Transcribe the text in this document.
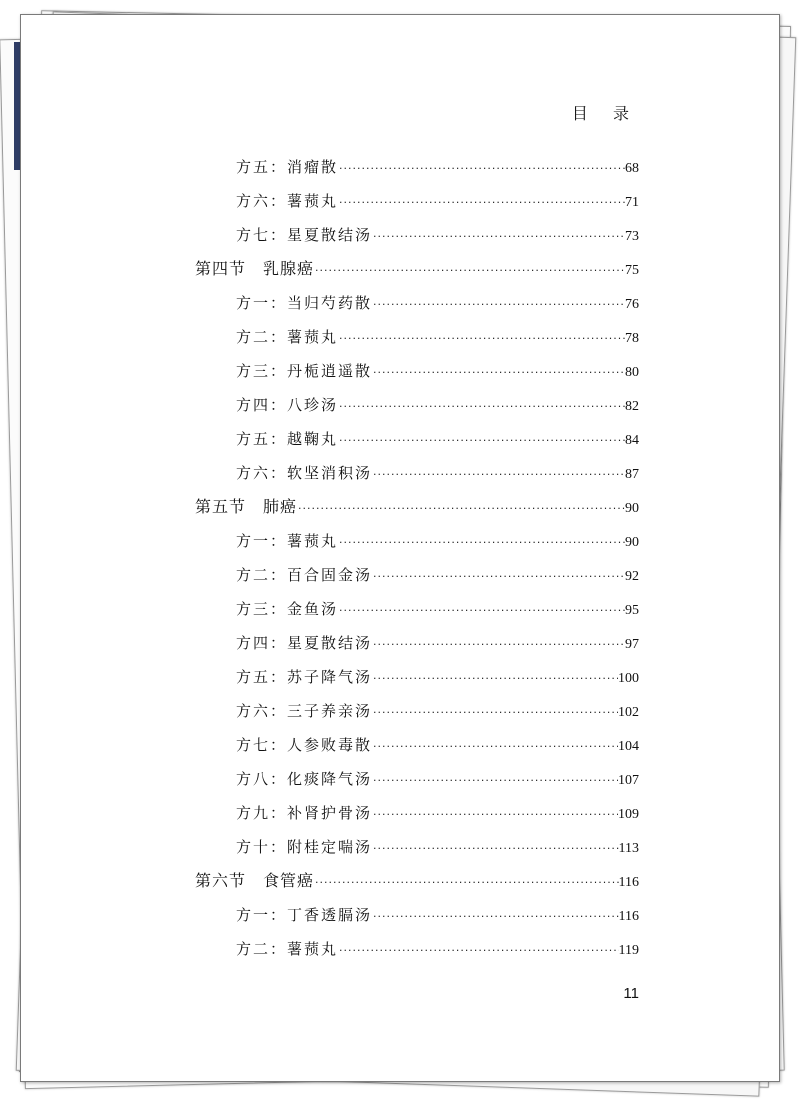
目 录
方五：消瘤散 ·····	68
方六：薯蓣丸 ·····	71
方七：星夏散结汤 ·····	73
第四节　乳腺癌 ·····	75
方一：当归芍药散 ·····	76
方二：薯蓣丸 ·····	78
方三：丹栀逍遥散 ·····	80
方四：八珍汤 ·····	82
方五：越鞠丸 ·····	84
方六：软坚消积汤 ·····	87
第五节　肺癌 ·····	90
方一：薯蓣丸 ·····	90
方二：百合固金汤 ·····	92
方三：金鱼汤 ·····	95
方四：星夏散结汤 ·····	97
方五：苏子降气汤 ·····	100
方六：三子养亲汤 ·····	102
方七：人参败毒散 ·····	104
方八：化痰降气汤 ·····	107
方九：补肾护骨汤 ·····	109
方十：附桂定喘汤 ·····	113
第六节　食管癌 ·····	116
方一：丁香透膈汤 ·····	116
方二：薯蓣丸 ·····	119
11
